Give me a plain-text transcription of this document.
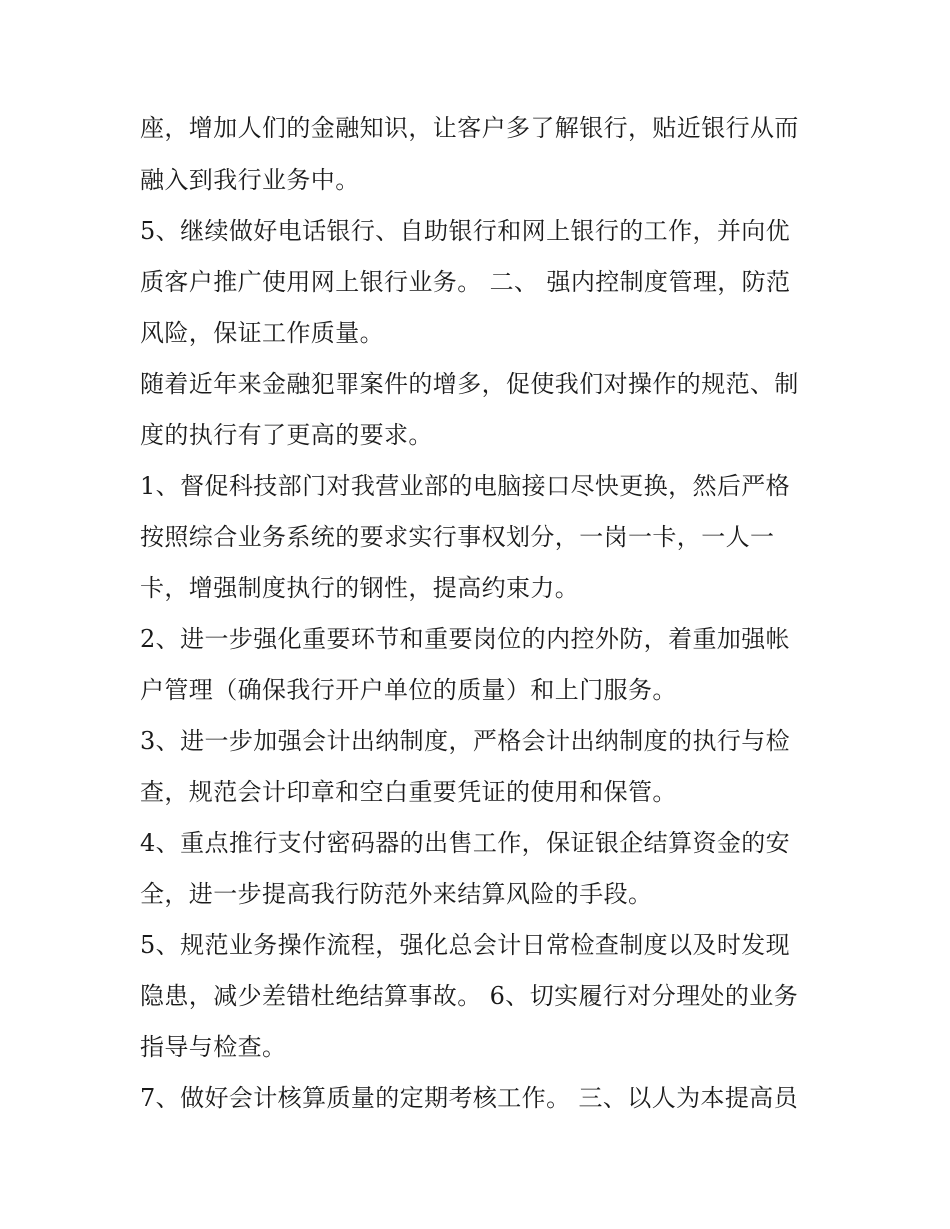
座，增加人们的金融知识，让客户多了解银行，贴近银行从而
融入到我行业务中。
5、继续做好电话银行、自助银行和网上银行的工作，并向优
质客户推广使用网上银行业务。 二、 强内控制度管理，防范
风险，保证工作质量。
随着近年来金融犯罪案件的增多，促使我们对操作的规范、制
度的执行有了更高的要求。
1、督促科技部门对我营业部的电脑接口尽快更换，然后严格
按照综合业务系统的要求实行事权划分，一岗一卡，一人一
卡，增强制度执行的钢性，提高约束力。
2、进一步强化重要环节和重要岗位的内控外防，着重加强帐
户管理（确保我行开户单位的质量）和上门服务。
3、进一步加强会计出纳制度，严格会计出纳制度的执行与检
查，规范会计印章和空白重要凭证的使用和保管。
4、重点推行支付密码器的出售工作，保证银企结算资金的安
全，进一步提高我行防范外来结算风险的手段。
5、规范业务操作流程，强化总会计日常检查制度以及时发现
隐患，减少差错杜绝结算事故。 6、切实履行对分理处的业务
指导与检查。
7、做好会计核算质量的定期考核工作。 三、以人为本提高员
